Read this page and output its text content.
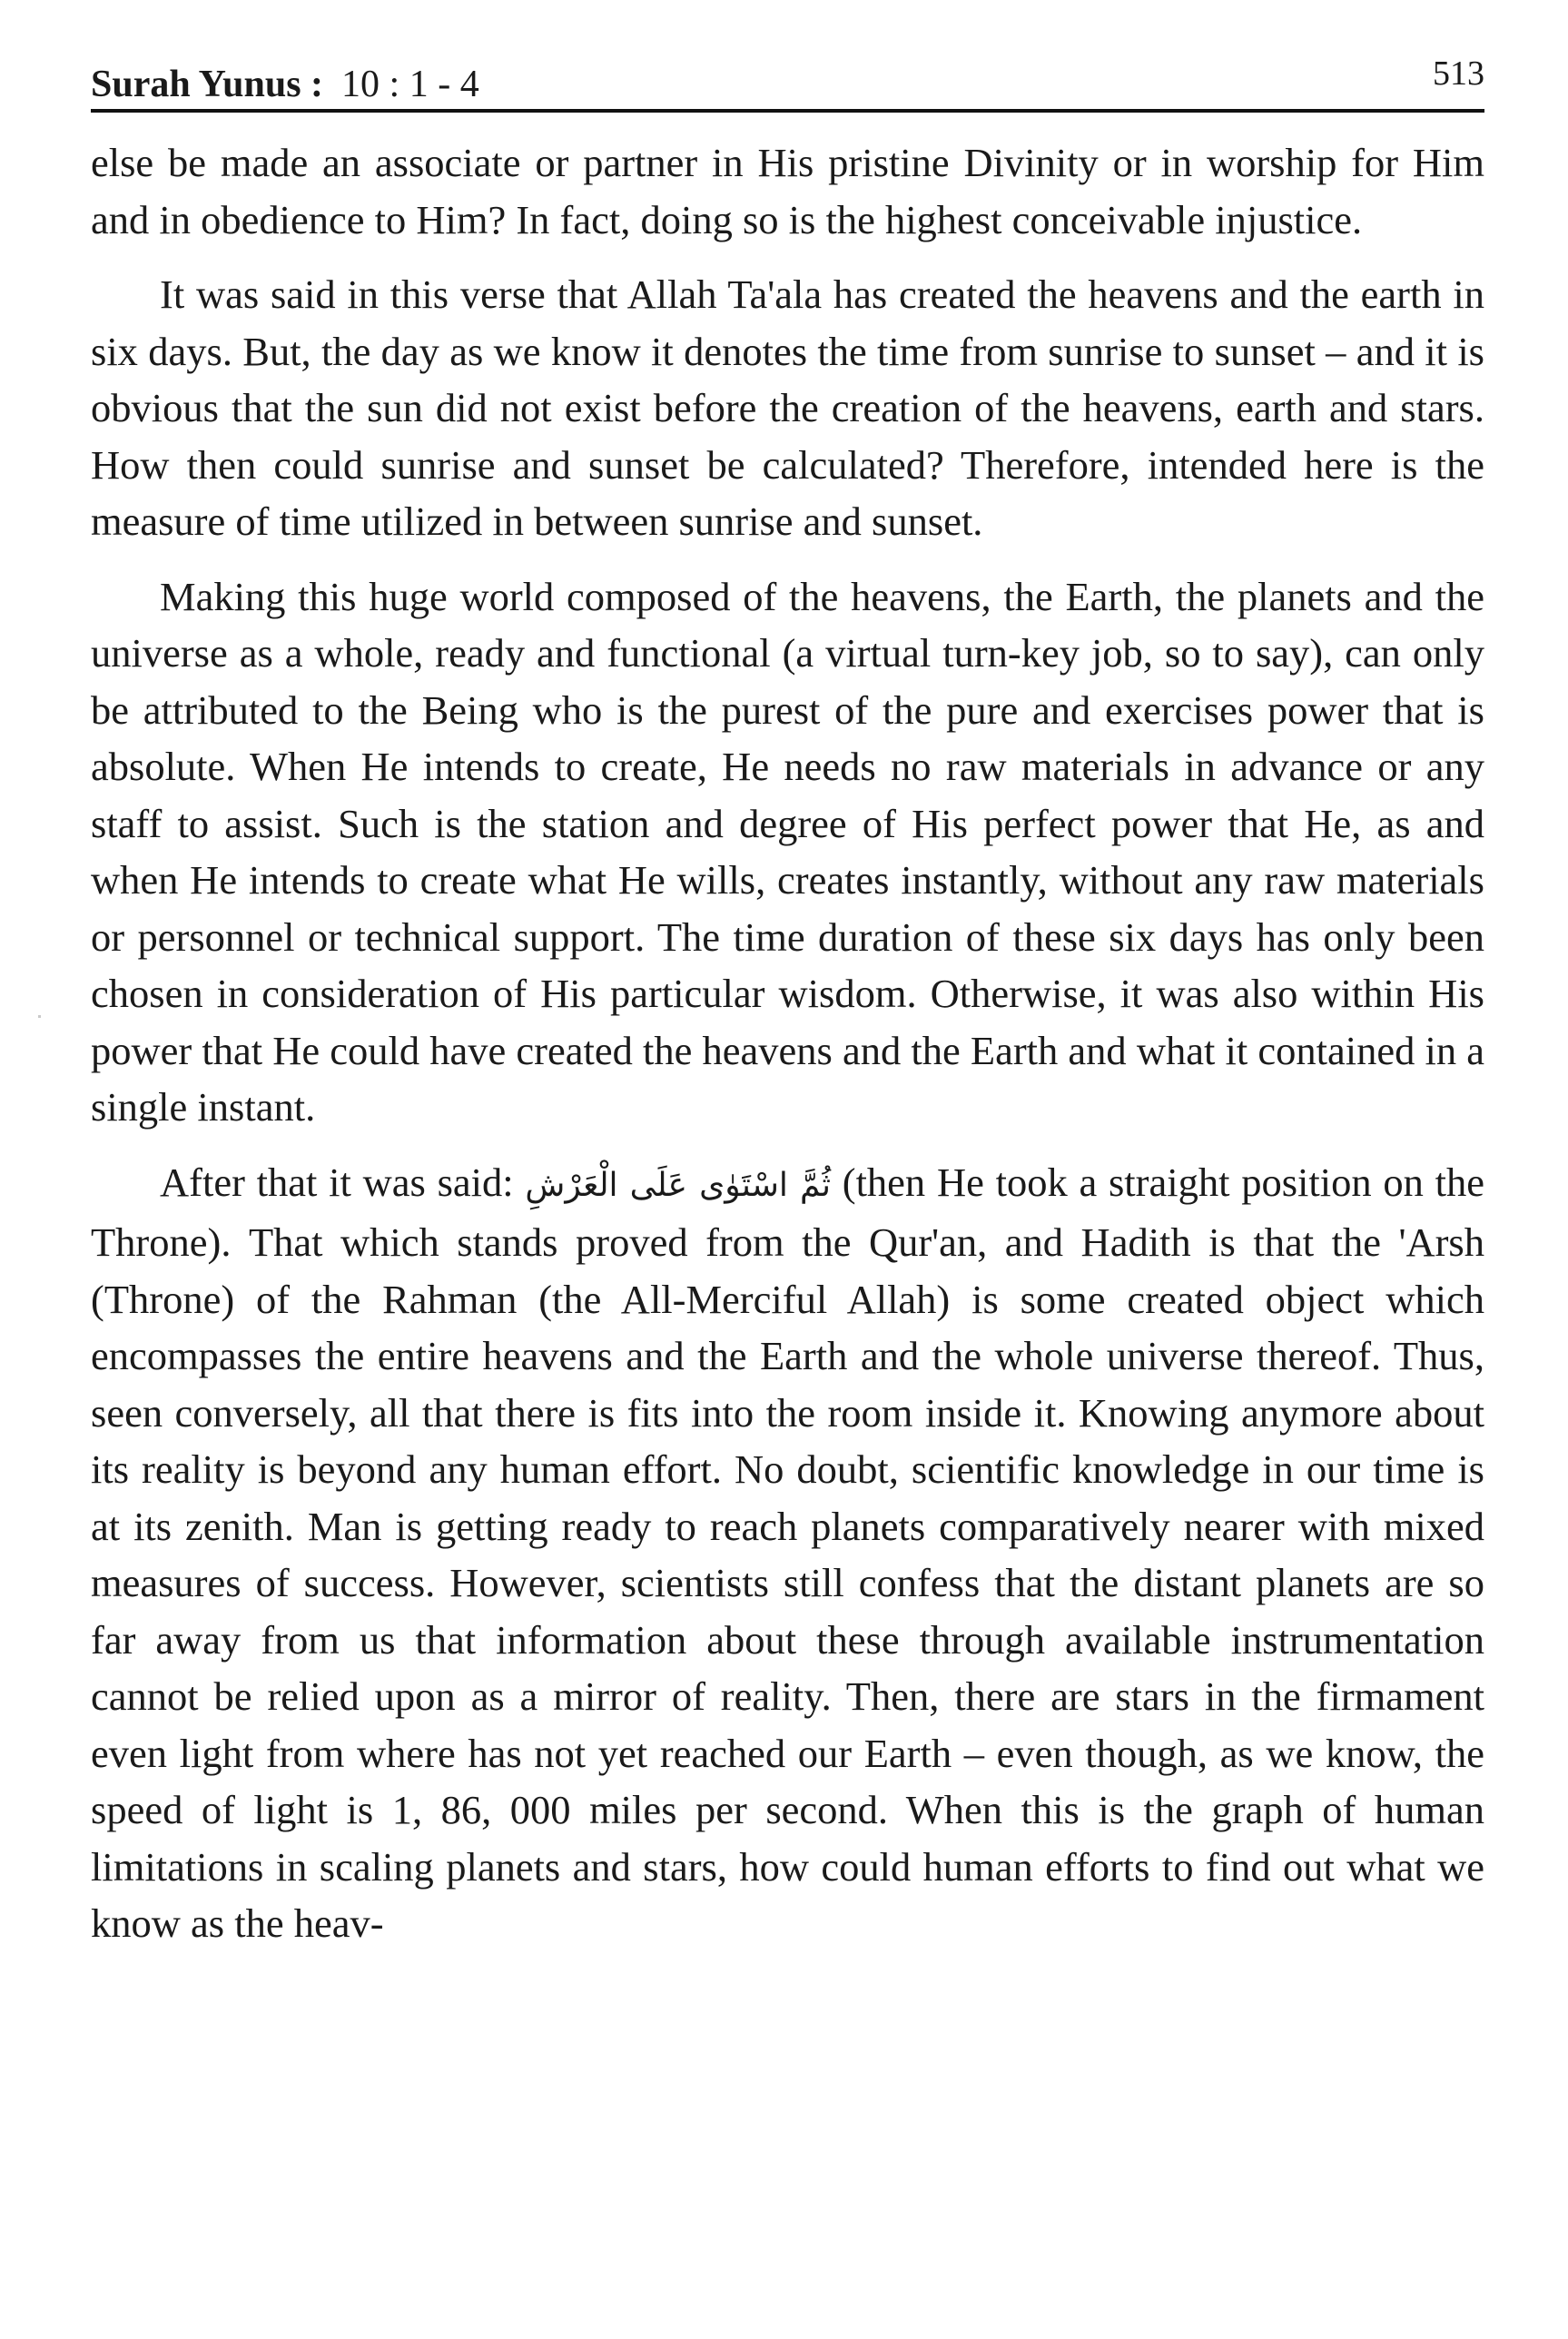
Surah Yunus : 10 : 1 - 4	513

else be made an associate or partner in His pristine Divinity or in worship for Him and in obedience to Him? In fact, doing so is the highest conceivable injustice.

It was said in this verse that Allah Ta'ala has created the heavens and the earth in six days. But, the day as we know it denotes the time from sunrise to sunset – and it is obvious that the sun did not exist before the creation of the heavens, earth and stars. How then could sunrise and sunset be calculated? Therefore, intended here is the measure of time utilized in between sunrise and sunset.

Making this huge world composed of the heavens, the Earth, the planets and the universe as a whole, ready and functional (a virtual turn-key job, so to say), can only be attributed to the Being who is the purest of the pure and exercises power that is absolute. When He intends to create, He needs no raw materials in advance or any staff to assist. Such is the station and degree of His perfect power that He, as and when He intends to create what He wills, creates instantly, without any raw materials or personnel or technical support. The time duration of these six days has only been chosen in consideration of His particular wisdom. Otherwise, it was also within His power that He could have created the heavens and the Earth and what it contained in a single instant.

After that it was said: ثُمَّ اسْتَوٰى عَلَى الْعَرْشِ (then He took a straight position on the Throne). That which stands proved from the Qur'an, and Hadith is that the 'Arsh (Throne) of the Rahman (the All-Merciful Allah) is some created object which encompasses the entire heavens and the Earth and the whole universe thereof. Thus, seen conversely, all that there is fits into the room inside it. Knowing anymore about its reality is beyond any human effort. No doubt, scientific knowledge in our time is at its zenith. Man is getting ready to reach planets comparatively nearer with mixed measures of success. However, scientists still confess that the distant planets are so far away from us that information about these through available instrumentation cannot be relied upon as a mirror of reality. Then, there are stars in the firmament even light from where has not yet reached our Earth – even though, as we know, the speed of light is 1, 86, 000 miles per second. When this is the graph of human limitations in scaling planets and stars, how could human efforts to find out what we know as the heav-
